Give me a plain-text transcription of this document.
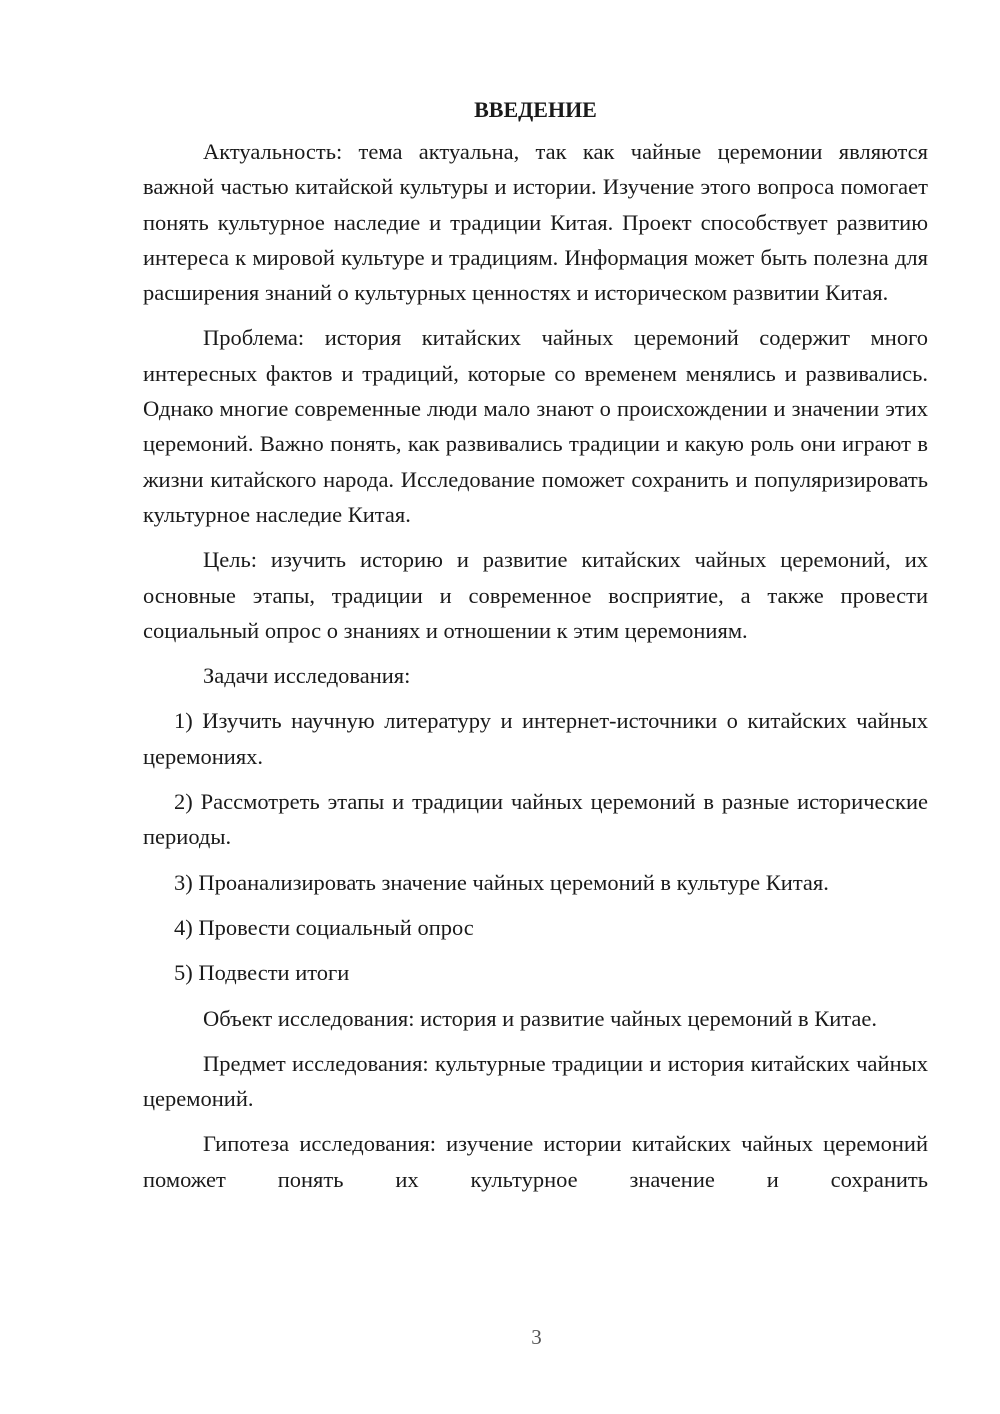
ВВЕДЕНИЕ

Актуальность: тема актуальна, так как чайные церемонии являются важной частью китайской культуры и истории. Изучение этого вопроса помогает понять культурное наследие и традиции Китая. Проект способствует развитию интереса к мировой культуре и традициям. Информация может быть полезна для расширения знаний о культурных ценностях и историческом развитии Китая.

Проблема: история китайских чайных церемоний содержит много интересных фактов и традиций, которые со временем менялись и развивались. Однако многие современные люди мало знают о происхождении и значении этих церемоний. Важно понять, как развивались традиции и какую роль они играют в жизни китайского народа. Исследование поможет сохранить и популяризировать культурное наследие Китая.

Цель: изучить историю и развитие китайских чайных церемоний, их основные этапы, традиции и современное восприятие, а также провести социальный опрос о знаниях и отношении к этим церемониям.

Задачи исследования:

1) Изучить научную литературу и интернет-источники о китайских чайных церемониях.

2) Рассмотреть этапы и традиции чайных церемоний в разные исторические периоды.

3) Проанализировать значение чайных церемоний в культуре Китая.

4) Провести социальный опрос

5) Подвести итоги

Объект исследования: история и развитие чайных церемоний в Китае.

Предмет исследования: культурные традиции и история китайских чайных церемоний.

Гипотеза исследования: изучение истории китайских чайных церемоний поможет понять их культурное значение и сохранить

3
